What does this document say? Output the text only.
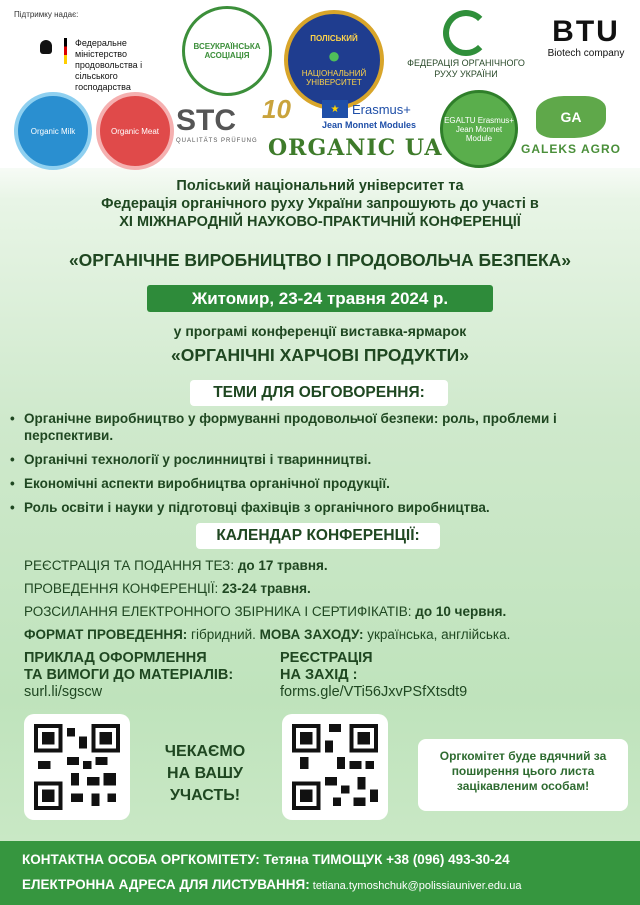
Підтримку надає:
Федеральне міністерство продовольства і сільського господарства
ВСЕУКРАЇНСЬКА АСОЦІАЦІЯ
ПОЛІСЬКИЙ
●
НАЦІОНАЛЬНИЙ УНІВЕРСИТЕТ
ФЕДЕРАЦІЯ ОРГАНІЧНОГО РУХУ УКРАЇНИ
BTU
Biotech company
Organic Milk	Organic Meat STC
QUALITÄTS PRÜFUNG
10	★ Erasmus+
Jean Monnet Modules
ORGANIC UA
EGALTU Erasmus+ Jean Monnet Module
GA
GALEKS AGRO
Поліський національний університет та
Федерація органічного руху України запрошують до участі в
XI МІЖНАРОДНІЙ НАУКОВО-ПРАКТИЧНІЙ КОНФЕРЕНЦІЇ
«ОРГАНІЧНЕ ВИРОБНИЦТВО І ПРОДОВОЛЬЧА БЕЗПЕКА»
Житомир, 23-24 травня 2024 р.
у програмі конференції виставка-ярмарок
«ОРГАНІЧНІ ХАРЧОВІ ПРОДУКТИ»
ТЕМИ ДЛЯ ОБГОВОРЕННЯ:
• Органічне виробництво у формуванні продовольчої безпеки: роль, проблеми і перспективи.
• Органічні технології у рослинництві і тваринництві.
• Економічні аспекти виробництва органічної продукції.
• Роль освіти і науки у підготовці фахівців з органічного виробництва.
КАЛЕНДАР КОНФЕРЕНЦІЇ:
РЕЄСТРАЦІЯ ТА ПОДАННЯ ТЕЗ: до 17 травня.
ПРОВЕДЕННЯ КОНФЕРЕНЦІЇ: 23-24 травня.
РОЗСИЛАННЯ ЕЛЕКТРОННОГО ЗБІРНИКА І СЕРТИФІКАТІВ: до 10 червня.
ФОРМАТ ПРОВЕДЕННЯ: гібридний. МОВА ЗАХОДУ: українська, англійська.
ПРИКЛАД ОФОРМЛЕННЯ
ТА ВИМОГИ ДО МАТЕРІАЛІВ:
surl.li/sgscw
РЕЄСТРАЦІЯ
НА ЗАХІД :
forms.gle/VTi56JxvPSfXtsdt9
ЧЕКАЄМО
НА ВАШУ
УЧАСТЬ!
Оргкомітет буде вдячний за поширення цього листа зацікавленим особам!
КОНТАКТНА ОСОБА ОРГКОМІТЕТУ: Тетяна ТИМОЩУК +38 (096) 493-30-24
ЕЛЕКТРОННА АДРЕСА ДЛЯ ЛИСТУВАННЯ: tetiana.tymoshchuk@polissiauniver.edu.ua
